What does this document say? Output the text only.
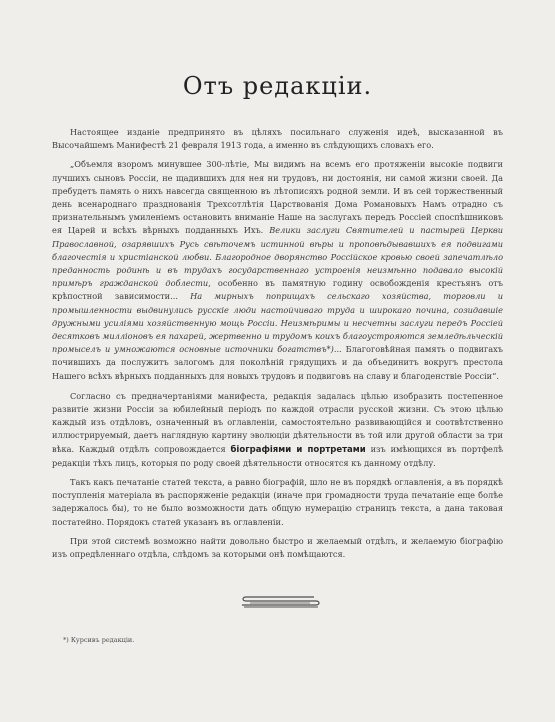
Отъ редакціи.

Настоящее изданіе предпринято въ цѣляхъ посильнаго служенія идеѣ, высказанной въ Высочайшемъ Манифестѣ 21 февраля 1913 года, а именно въ слѣдующихъ словахъ его.

„Объемля взоромъ минувшее 300-лѣтіе, Мы видимъ на всемъ его протяженіи высокіе подвиги лучшихъ сыновъ Россіи, не щадившихъ для нея ни трудовъ, ни достоянія, ни самой жизни своей. Да пребудетъ память о нихъ навсегда священною въ лѣтописяхъ родной земли. И въ сей торжественный день всенароднаго празднованія Трехсотлѣтія Царствованія Дома Романовыхъ Намъ отрадно съ признательнымъ умиленіемъ остановить вниманіе Наше на заслугахъ передъ Россіей споспѣшниковъ ея Царей и всѣхъ вѣрныхъ подданныхъ Ихъ. Велики заслуги Святителей и пастырей Церкви Православной, озарявшихъ Русь свѣточемъ истинной вѣры и проповѣдывавшихъ ея подвигами благочестія и христіанской любви. Благородное дворянство Россійское кровью своей запечатлѣло преданность родинѣ и въ трудахъ государственнаго устроенія неизмѣнно подавало высокій примѣръ гражданской доблести, особенно въ памятную годину освобожденія крестьянъ отъ крѣпостной зависимости... На мирныхъ поприщахъ сельскаго хозяйства, торговли и промышленности выдвинулись русскіе люди настойчиваго труда и широкаго почина, созидавшіе дружными усиліями хозяйственную мощь Россіи. Неизмѣримы и несчетны заслуги передъ Россіей десятковъ милліоновъ ея пахарей, жертвенно и трудомъ коихъ благоустрояются земледѣльческій промыселъ и умножаются основные источники богатствъ*)... Благоговѣйная память о подвигахъ почившихъ да послужитъ залогомъ для поколѣній грядущихъ и да объединитъ вокругъ престола Нашего всѣхъ вѣрныхъ подданныхъ для новыхъ трудовъ и подвиговъ на славу и благоденствіе Россіи“.

Согласно съ предначертаніями манифеста, редакція задалась цѣлью изобразить постепенное развитіе жизни Россіи за юбилейный періодъ по каждой отрасли русской жизни. Съ этою цѣлью каждый изъ отдѣловъ, означенный въ оглавленіи, самостоятельно развивающійся и соотвѣтственно иллюстрируемый, даетъ наглядную картину эволюціи дѣятельности въ той или другой области за три вѣка. Каждый отдѣлъ сопровождается біографіями и портретами изъ имѣющихся въ портфелѣ редакціи тѣхъ лицъ, которыя по роду своей дѣятельности относятся къ данному отдѣлу.

Такъ какъ печатаніе статей текста, а равно біографій, шло не въ порядкѣ оглавленія, а въ порядкѣ поступленія матеріала въ распоряженіе редакціи (иначе при громадности труда печатаніе еще болѣе задержалось бы), то не было возможности дать общую нумерацію страницъ текста, а дана таковая постатейно. Порядокъ статей указанъ въ оглавленіи.

При этой системѣ возможно найти довольно быстро и желаемый отдѣлъ, и желаемую біографію изъ опредѣленнаго отдѣла, слѣдомъ за которыми онѣ помѣщаются.

*) Курсивъ редакціи.
